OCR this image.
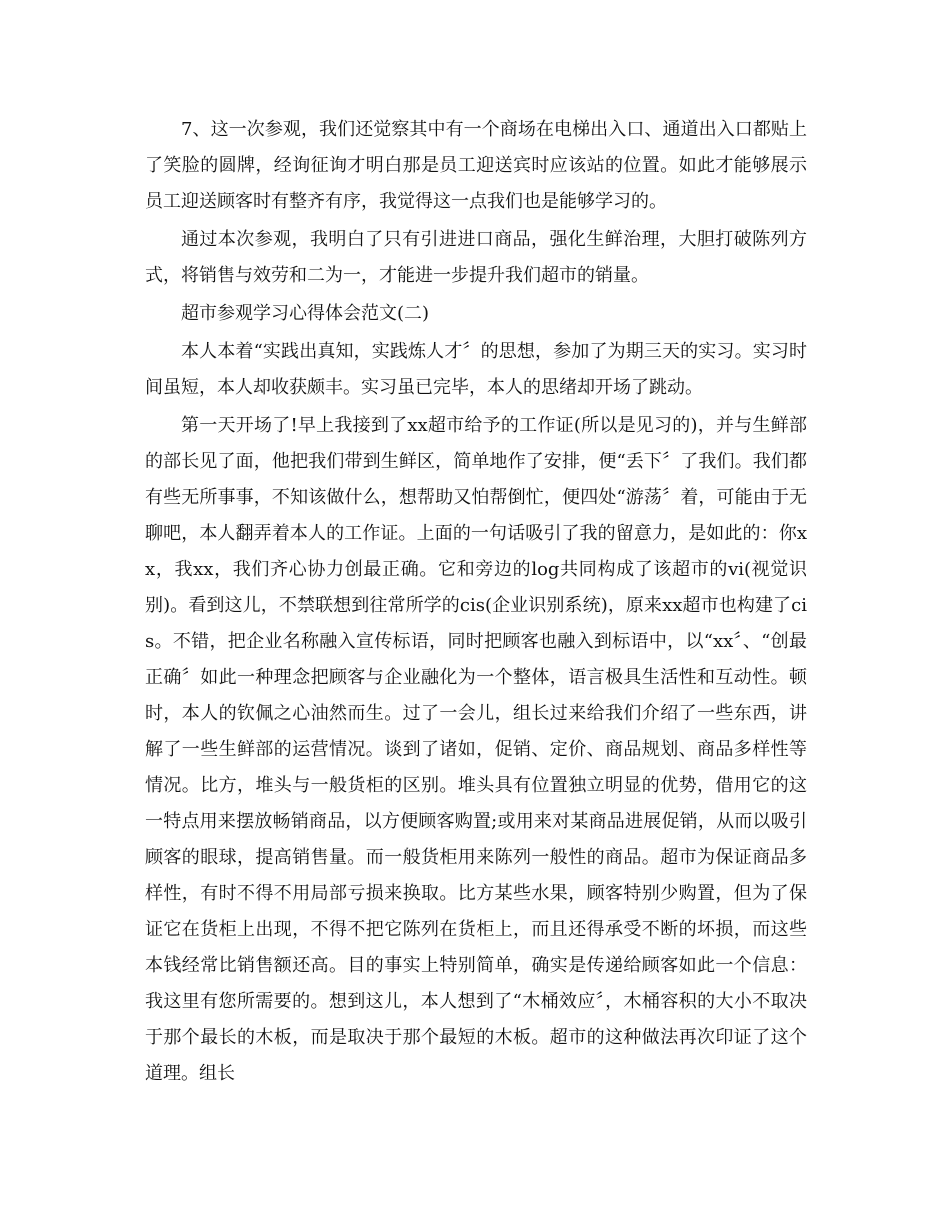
7、这一次参观，我们还觉察其中有一个商场在电梯出入口、通道出入口都贴上了笑脸的圆牌，经询征询才明白那是员工迎送宾时应该站的位置。如此才能够展示员工迎送顾客时有整齐有序，我觉得这一点我们也是能够学习的。

通过本次参观，我明白了只有引进进口商品，强化生鲜治理，大胆打破陈列方式，将销售与效劳和二为一，才能进一步提升我们超市的销量。

超市参观学习心得体会范文(二)

本人本着“实践出真知，实践炼人才〞的思想，参加了为期三天的实习。实习时间虽短，本人却收获颇丰。实习虽已完毕，本人的思绪却开场了跳动。

第一天开场了!早上我接到了xx超市给予的工作证(所以是见习的)，并与生鲜部的部长见了面，他把我们带到生鲜区，简单地作了安排，便“丢下〞了我们。我们都有些无所事事，不知该做什么，想帮助又怕帮倒忙，便四处“游荡〞着，可能由于无聊吧，本人翻弄着本人的工作证。上面的一句话吸引了我的留意力，是如此的：你xx，我xx，我们齐心协力创最正确。它和旁边的log共同构成了该超市的vi(视觉识别)。看到这儿，不禁联想到往常所学的cis(企业识别系统)，原来xx超市也构建了cis。不错，把企业名称融入宣传标语，同时把顾客也融入到标语中，以“xx〞、“创最正确〞如此一种理念把顾客与企业融化为一个整体，语言极具生活性和互动性。顿时，本人的钦佩之心油然而生。过了一会儿，组长过来给我们介绍了一些东西，讲解了一些生鲜部的运营情况。谈到了诸如，促销、定价、商品规划、商品多样性等情况。比方，堆头与一般货柜的区别。堆头具有位置独立明显的优势，借用它的这一特点用来摆放畅销商品，以方便顾客购置;或用来对某商品进展促销，从而以吸引顾客的眼球，提高销售量。而一般货柜用来陈列一般性的商品。超市为保证商品多样性，有时不得不用局部亏损来换取。比方某些水果，顾客特别少购置，但为了保证它在货柜上出现，不得不把它陈列在货柜上，而且还得承受不断的坏损，而这些本钱经常比销售额还高。目的事实上特别简单，确实是传递给顾客如此一个信息：我这里有您所需要的。想到这儿，本人想到了“木桶效应〞，木桶容积的大小不取决于那个最长的木板，而是取决于那个最短的木板。超市的这种做法再次印证了这个道理。组长
